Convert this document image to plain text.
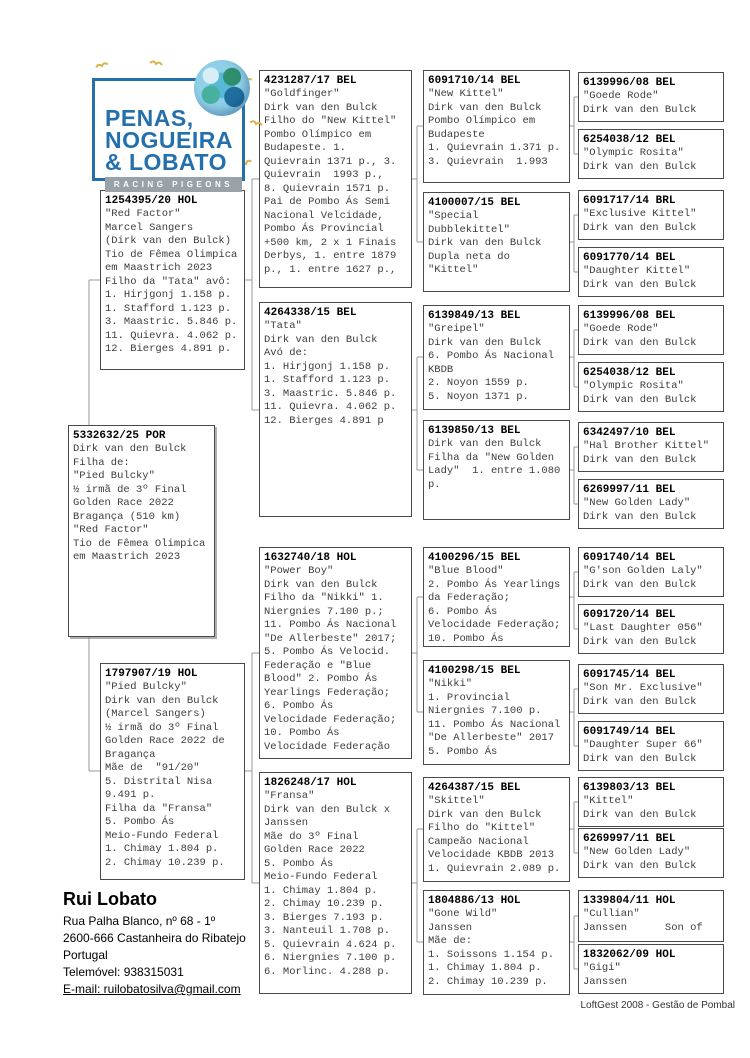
PENAS,
NOGUEIRA
& LOBATO
RACING PIGEONS
1254395/20 HOL
"Red Factor"
Marcel Sangers
(Dirk van den Bulck)
Tio de Fêmea Olimpica
em Maastrich 2023
Filho da "Tata" avô:
1. Hirjgonj 1.158 p.
1. Stafford 1.123 p.
3. Maastric. 5.846 p.
11. Quievra. 4.062 p.
12. Bierges 4.891 p.
5332632/25 POR
Dirk van den Bulck
Filha de:
"Pied Bulcky"
½ irmã de 3º Final
Golden Race 2022
Bragança (510 km)
"Red Factor"
Tio de Fêmea Olimpica
em Maastrich 2023
1797907/19 HOL
"Pied Bulcky"
Dirk van den Bulck
(Marcel Sangers)
½ irmã do 3º Final
Golden Race 2022 de
Bragança
Mãe de  "91/20"
5. Distrital Nisa
9.491 p.
Filha da "Fransa"
5. Pombo Ás
Meio-Fundo Federal
1. Chimay 1.804 p.
2. Chimay 10.239 p.
4231287/17 BEL
"Goldfinger"
Dirk van den Bulck
Filho do "New Kittel"
Pombo Olímpico em
Budapeste. 1.
Quievrain 1371 p., 3.
Quievrain  1993 p.,
8. Quievrain 1571 p.
Pai de Pombo Ás Semi
Nacional Velcidade,
Pombo Ás Provincial
+500 km, 2 x 1 Finais
Derbys, 1. entre 1879
p., 1. entre 1627 p.,
4264338/15 BEL
"Tata"
Dirk van den Bulck
Avó de:
1. Hirjgonj 1.158 p.
1. Stafford 1.123 p.
3. Maastric. 5.846 p.
11. Quievra. 4.062 p.
12. Bierges 4.891 p
1632740/18 HOL
"Power Boy"
Dirk van den Bulck
Filho da "Nikki" 1.
Niergnies 7.100 p.;
11. Pombo Ás Nacional
"De Allerbeste" 2017;
5. Pombo Ás Velocid.
Federação e "Blue
Blood" 2. Pombo Ás
Yearlings Federação;
6. Pombo Ás
Velocidade Federação;
10. Pombo Ás
Velocidade Federação
1826248/17 HOL
"Fransa"
Dirk van den Bulck x
Janssen
Mãe do 3º Final
Golden Race 2022
5. Pombo Ás
Meio-Fundo Federal
1. Chimay 1.804 p.
2. Chimay 10.239 p.
3. Bierges 7.193 p.
3. Nanteuil 1.708 p.
5. Quievrain 4.624 p.
6. Niergnies 7.100 p.
6. Morlinc. 4.288 p.
6091710/14 BEL
"New Kittel"
Dirk van den Bulck
Pombo Olímpico em
Budapeste
1. Quievrain 1.371 p.
3. Quievrain  1.993
4100007/15 BEL
"Special Dubblekittel"
Dirk van den Bulck
Dupla neta do "Kittel"
6139849/13 BEL
"Greipel"
Dirk van den Bulck
6. Pombo Ás Nacional
KBDB
2. Noyon 1559 p.
5. Noyon 1371 p.
6139850/13 BEL
Dirk van den Bulck
Filha da "New Golden
Lady"  1. entre 1.080
p.
4100296/15 BEL
"Blue Blood"
2. Pombo Ás Yearlings
da Federação;
6. Pombo Ás
Velocidade Federação;
10. Pombo Ás
4100298/15 BEL
"Nikki"
1. Provincial
Niergnies 7.100 p.
11. Pombo Ás Nacional
"De Allerbeste" 2017
5. Pombo Ás
4264387/15 BEL
"Skittel"
Dirk van den Bulck
Filho do "Kittel"
Campeão Nacional
Velocidade KBDB 2013
1. Quievrain 2.089 p.
1804886/13 HOL
"Gone Wild"
Janssen
Mãe de:
1. Soissons 1.154 p.
1. Chimay 1.804 p.
2. Chimay 10.239 p.
6139996/08 BEL
"Goede Rode"
Dirk van den Bulck
6254038/12 BEL
"Olympic Rosita"
Dirk van den Bulck
6091717/14 BRL
"Exclusive Kittel"
Dirk van den Bulck
6091770/14 BEL
"Daughter Kittel"
Dirk van den Bulck
6139996/08 BEL
"Goede Rode"
Dirk van den Bulck
6254038/12 BEL
"Olympic Rosita"
Dirk van den Bulck
6342497/10 BEL
"Hal Brother Kittel"
Dirk van den Bulck
6269997/11 BEL
"New Golden Lady"
Dirk van den Bulck
6091740/14 BEL
"G'son Golden Laly"
Dirk van den Bulck
6091720/14 BEL
"Last Daughter 056"
Dirk van den Bulck
6091745/14 BEL
"Son Mr. Exclusive"
Dirk van den Bulck
6091749/14 BEL
"Daughter Super 66"
Dirk van den Bulck
6139803/13 BEL
"Kittel"
Dirk van den Bulck
6269997/11 BEL
"New Golden Lady"
Dirk van den Bulck
1339804/11 HOL
"Cullian"
Janssen      Son of
1832062/09 HOL
"Gigi"
Janssen
Rui Lobato
Rua Palha Blanco, nº 68 - 1º
2600-666 Castanheira do Ribatejo
Portugal
Telemóvel: 938315031
E-mail: ruilobatosilva@gmail.com
LoftGest 2008 - Gestão de Pombal
